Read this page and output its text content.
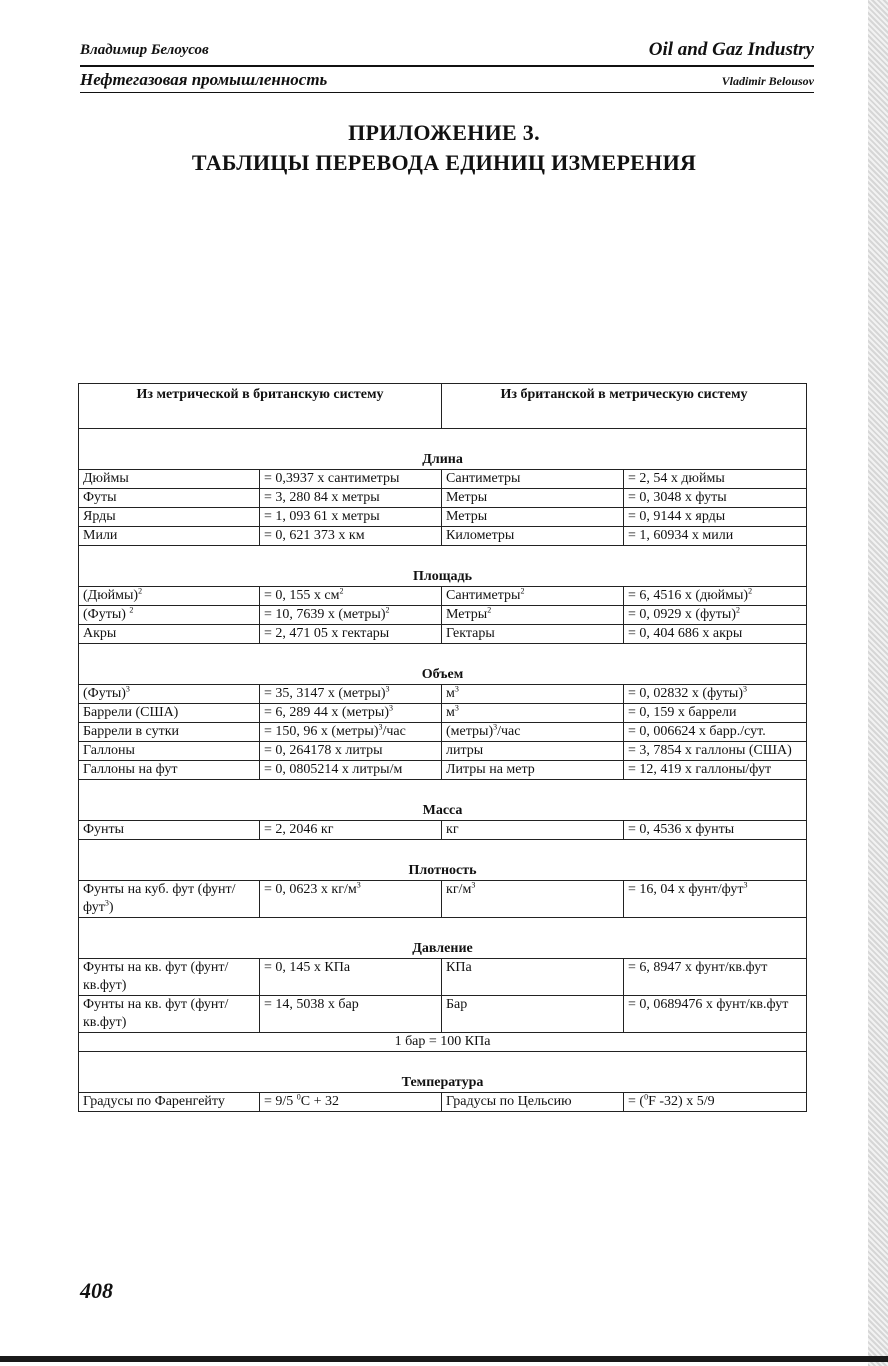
Владимир Белоусов	Oil and Gaz Industry
Нефтегазовая промышленность	Vladimir Belousov
ПРИЛОЖЕНИЕ 3.
ТАБЛИЦЫ ПЕРЕВОДА ЕДИНИЦ ИЗМЕРЕНИЯ
Из метрической в британскую систему		Из британской в метрическую систему	
Длина			
Дюймы	= 0,3937 x сантиметры	Сантиметры	= 2, 54 x дюймы
Футы	= 3, 280 84 x метры	Метры	= 0, 3048 x футы
Ярды	= 1, 093 61 x метры	Метры	= 0, 9144 x ярды
Мили	= 0, 621 373 x км	Километры	= 1, 60934 x мили
Площадь			
(Дюймы)$^2$	= 0, 155 x $см^2$	Сантиметры$^2$	= 6, 4516 x (дюймы)$^2$
(Футы) $^2$	= 10, 7639 x (метры)$^2$	Метры$^2$	= 0, 0929 x (футы)$^2$
Акры	= 2, 471 05 x гектары	Гектары	= 0, 404 686 x акры
Объем			
(Футы)$^3$	= 35, 3147 x (метры)$^3$	$м^3$	= 0, 02832 x (футы)$^3$
Баррели (США)	= 6, 289 44 x (метры)$^3$	$м^3$	= 0, 159 x баррели
Баррели в сутки	= 150, 96 x (метры)$^3$/час	(метры)$^3$/час	= 0, 006624 x барр./сут.
Галлоны	= 0, 264178 x литры	литры	= 3, 7854 x галлоны (США)
Галлоны на фут	= 0, 0805214 x литры/м	Литры на метр	= 12, 419 x галлоны/фут
Масса			
Фунты	= 2, 2046 кг	кг	= 0, 4536 x фунты
Плотность			
Фунты на куб. фут (фунт/фут$^3$)	= 0, 0623 x $кг/м^3$	$кг/м^3$	= 16, 04 x фунт/фут$^3$
Давление			
Фунты на кв. фут (фунт/кв.фут)	= 0, 145 x КПа	КПа	= 6, 8947 x фунт/кв.фут
Фунты на кв. фут (фунт/кв.фут)	= 14, 5038 x бар	Бар	= 0, 0689476 x фунт/кв.фут
1 бар = 100 КПа			
Температура			
Градусы по Фаренгейту	= 9/5 $^0$C + 32	Градусы по Цельсию	= ($^0$F -32) x 5/9
408
